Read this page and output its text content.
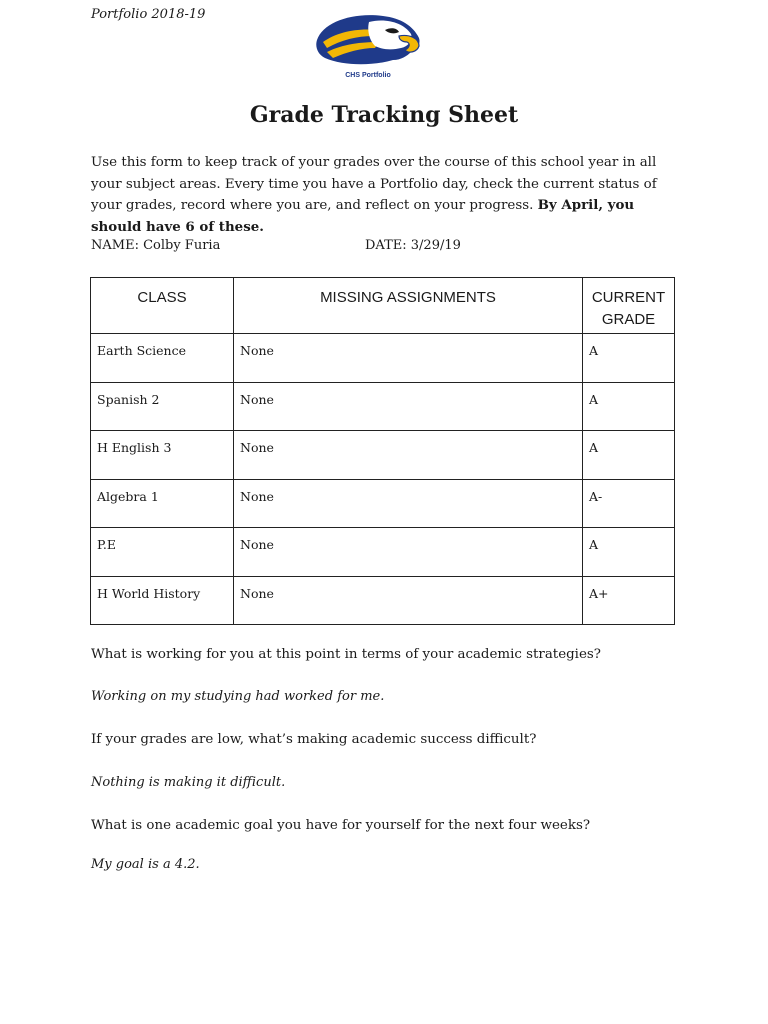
Portfolio 2018-19
CHS Portfolio
Grade Tracking Sheet

Use this form to keep track of your grades over the course of this school year in all your subject areas. Every time you have a Portfolio day, check the current status of your grades, record where you are, and reflect on your progress. By April, you should have 6 of these.

NAME: Colby Furia	DATE: 3/29/19
CLASS	MISSING ASSIGNMENTS	CURRENT
GRADE
Earth Science	None	A
Spanish 2	None	A
H English 3	None	A
Algebra 1	None	A-
P.E	None	A
H World History	None	A+

What is working for you at this point in terms of your academic strategies?

Working on my studying had worked for me.

If your grades are low, what’s making academic success difficult?

Nothing is making it difficult.

What is one academic goal you have for yourself for the next four weeks?

My goal is a 4.2.
